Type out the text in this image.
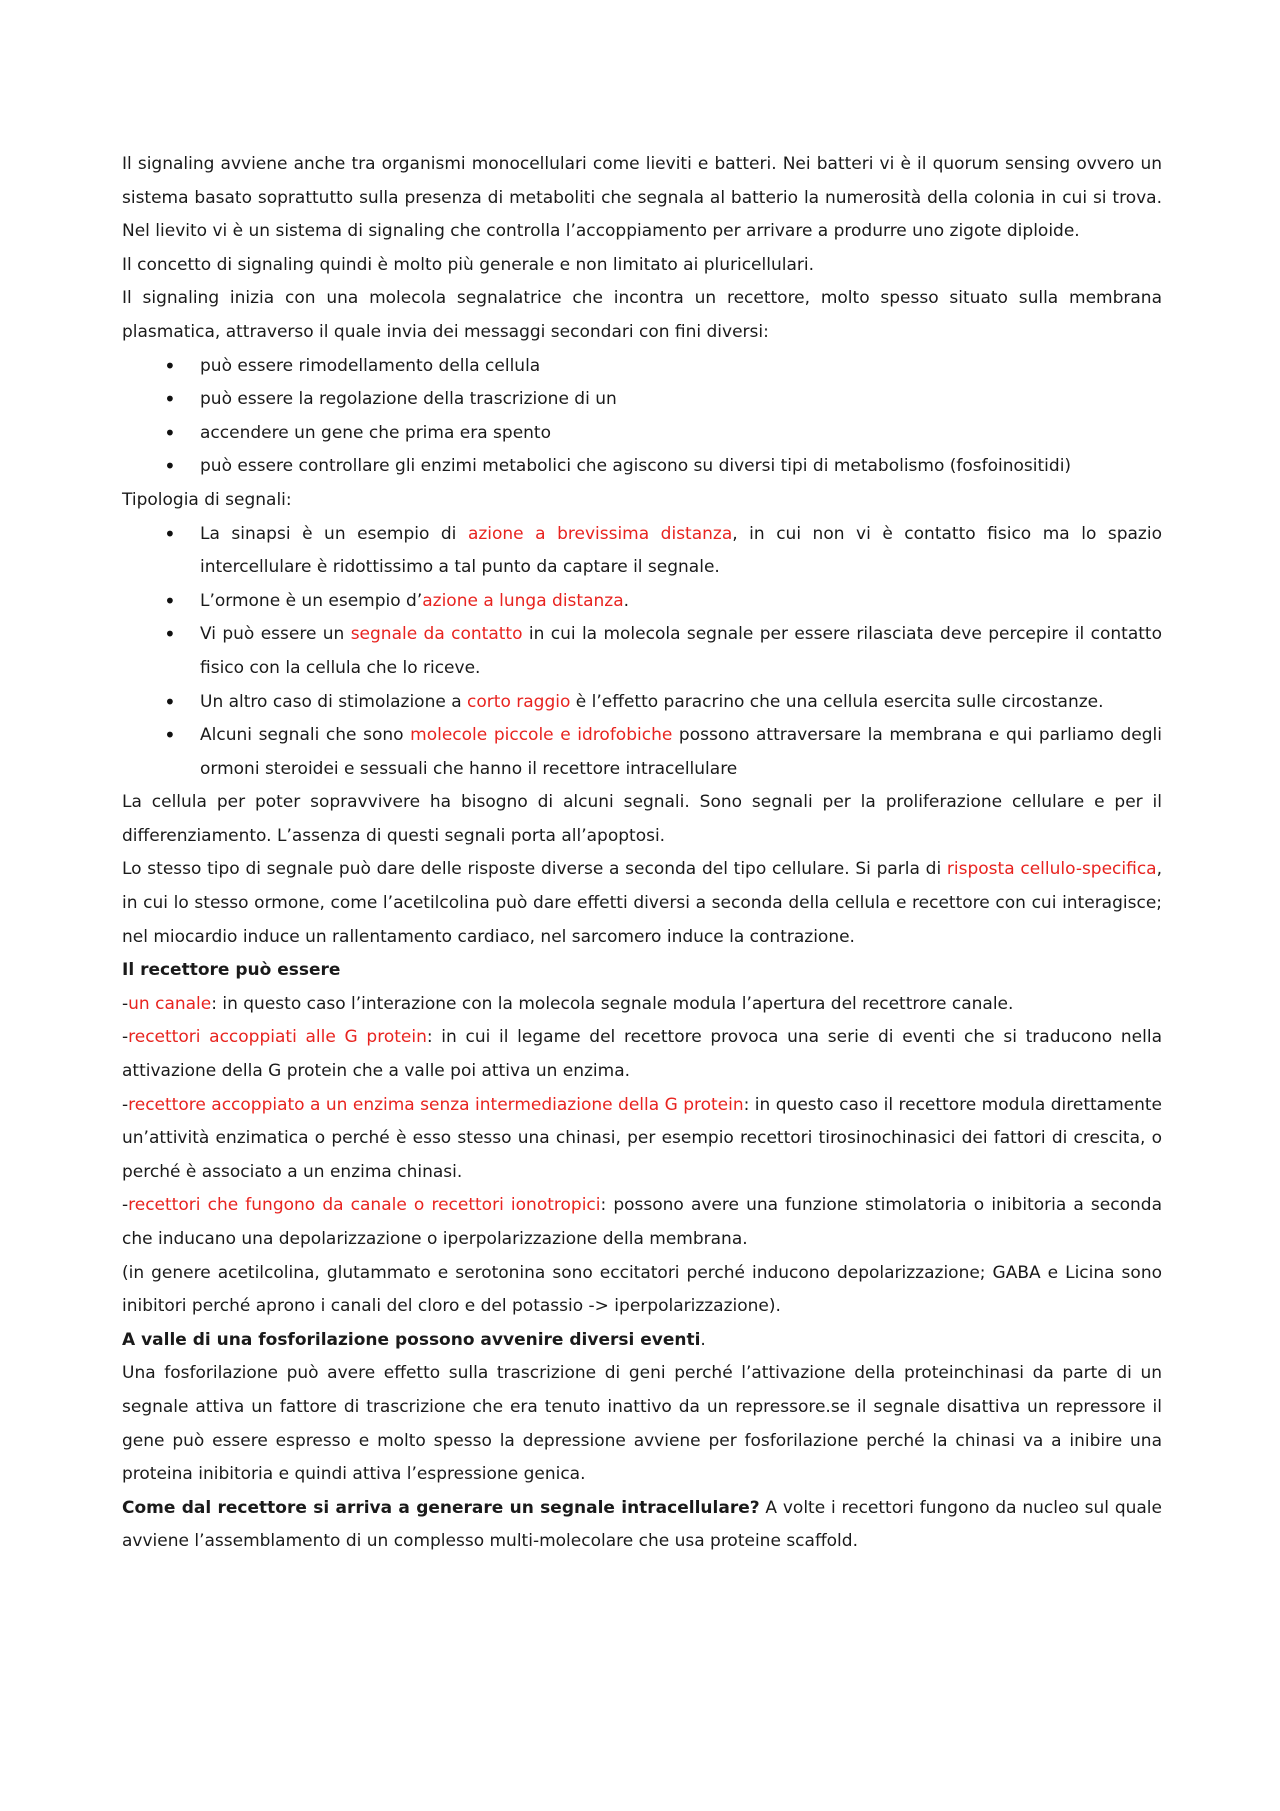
Il signaling avviene anche tra organismi monocellulari come lieviti e batteri. Nei batteri vi è il quorum sensing ovvero un sistema basato soprattutto sulla presenza di metaboliti che segnala al batterio la numerosità della colonia in cui si trova. Nel lievito vi è un sistema di signaling che controlla l’accoppiamento per arrivare a produrre uno zigote diploide.

Il concetto di signaling quindi è molto più generale e non limitato ai pluricellulari.

Il signaling inizia con una molecola segnalatrice che incontra un recettore, molto spesso situato sulla membrana plasmatica, attraverso il quale invia dei messaggi secondari con fini diversi:

• può essere rimodellamento della cellula
• può essere la regolazione della trascrizione di un
• accendere un gene che prima era spento
• può essere controllare gli enzimi metabolici che agiscono su diversi tipi di metabolismo (fosfoinositidi)

Tipologia di segnali:

• La sinapsi è un esempio di azione a brevissima distanza, in cui non vi è contatto fisico ma lo spazio intercellulare è ridottissimo a tal punto da captare il segnale.
• L’ormone è un esempio d’azione a lunga distanza.
• Vi può essere un segnale da contatto in cui la molecola segnale per essere rilasciata deve percepire il contatto fisico con la cellula che lo riceve.
• Un altro caso di stimolazione a corto raggio è l’effetto paracrino che una cellula esercita sulle circostanze.
• Alcuni segnali che sono molecole piccole e idrofobiche possono attraversare la membrana e qui parliamo degli ormoni steroidei e sessuali che hanno il recettore intracellulare

La cellula per poter sopravvivere ha bisogno di alcuni segnali. Sono segnali per la proliferazione cellulare e per il differenziamento. L’assenza di questi segnali porta all’apoptosi.

Lo stesso tipo di segnale può dare delle risposte diverse a seconda del tipo cellulare. Si parla di risposta cellulo-specifica, in cui lo stesso ormone, come l’acetilcolina può dare effetti diversi a seconda della cellula e recettore con cui interagisce; nel miocardio induce un rallentamento cardiaco, nel sarcomero induce la contrazione.

Il recettore può essere

-un canale: in questo caso l’interazione con la molecola segnale modula l’apertura del recettrore canale.

-recettori accoppiati alle G protein: in cui il legame del recettore provoca una serie di eventi che si traducono nella attivazione della G protein che a valle poi attiva un enzima.

-recettore accoppiato a un enzima senza intermediazione della G protein: in questo caso il recettore modula direttamente un’attività enzimatica o perché è esso stesso una chinasi, per esempio recettori tirosinochinasici dei fattori di crescita, o perché è associato a un enzima chinasi.

-recettori che fungono da canale o recettori ionotropici: possono avere una funzione stimolatoria o inibitoria a seconda che inducano una depolarizzazione o iperpolarizzazione della membrana.

(in genere acetilcolina, glutammato e serotonina sono eccitatori perché inducono depolarizzazione; GABA e Licina sono inibitori perché aprono i canali del cloro e del potassio -> iperpolarizzazione).

A valle di una fosforilazione possono avvenire diversi eventi.

Una fosforilazione può avere effetto sulla trascrizione di geni perché l’attivazione della proteinchinasi da parte di un segnale attiva un fattore di trascrizione che era tenuto inattivo da un repressore.se il segnale disattiva un repressore il gene può essere espresso e molto spesso la depressione avviene per fosforilazione perché la chinasi va a inibire una proteina inibitoria e quindi attiva l’espressione genica.

Come dal recettore si arriva a generare un segnale intracellulare? A volte i recettori fungono da nucleo sul quale avviene l’assemblamento di un complesso multi-molecolare che usa proteine scaffold.
